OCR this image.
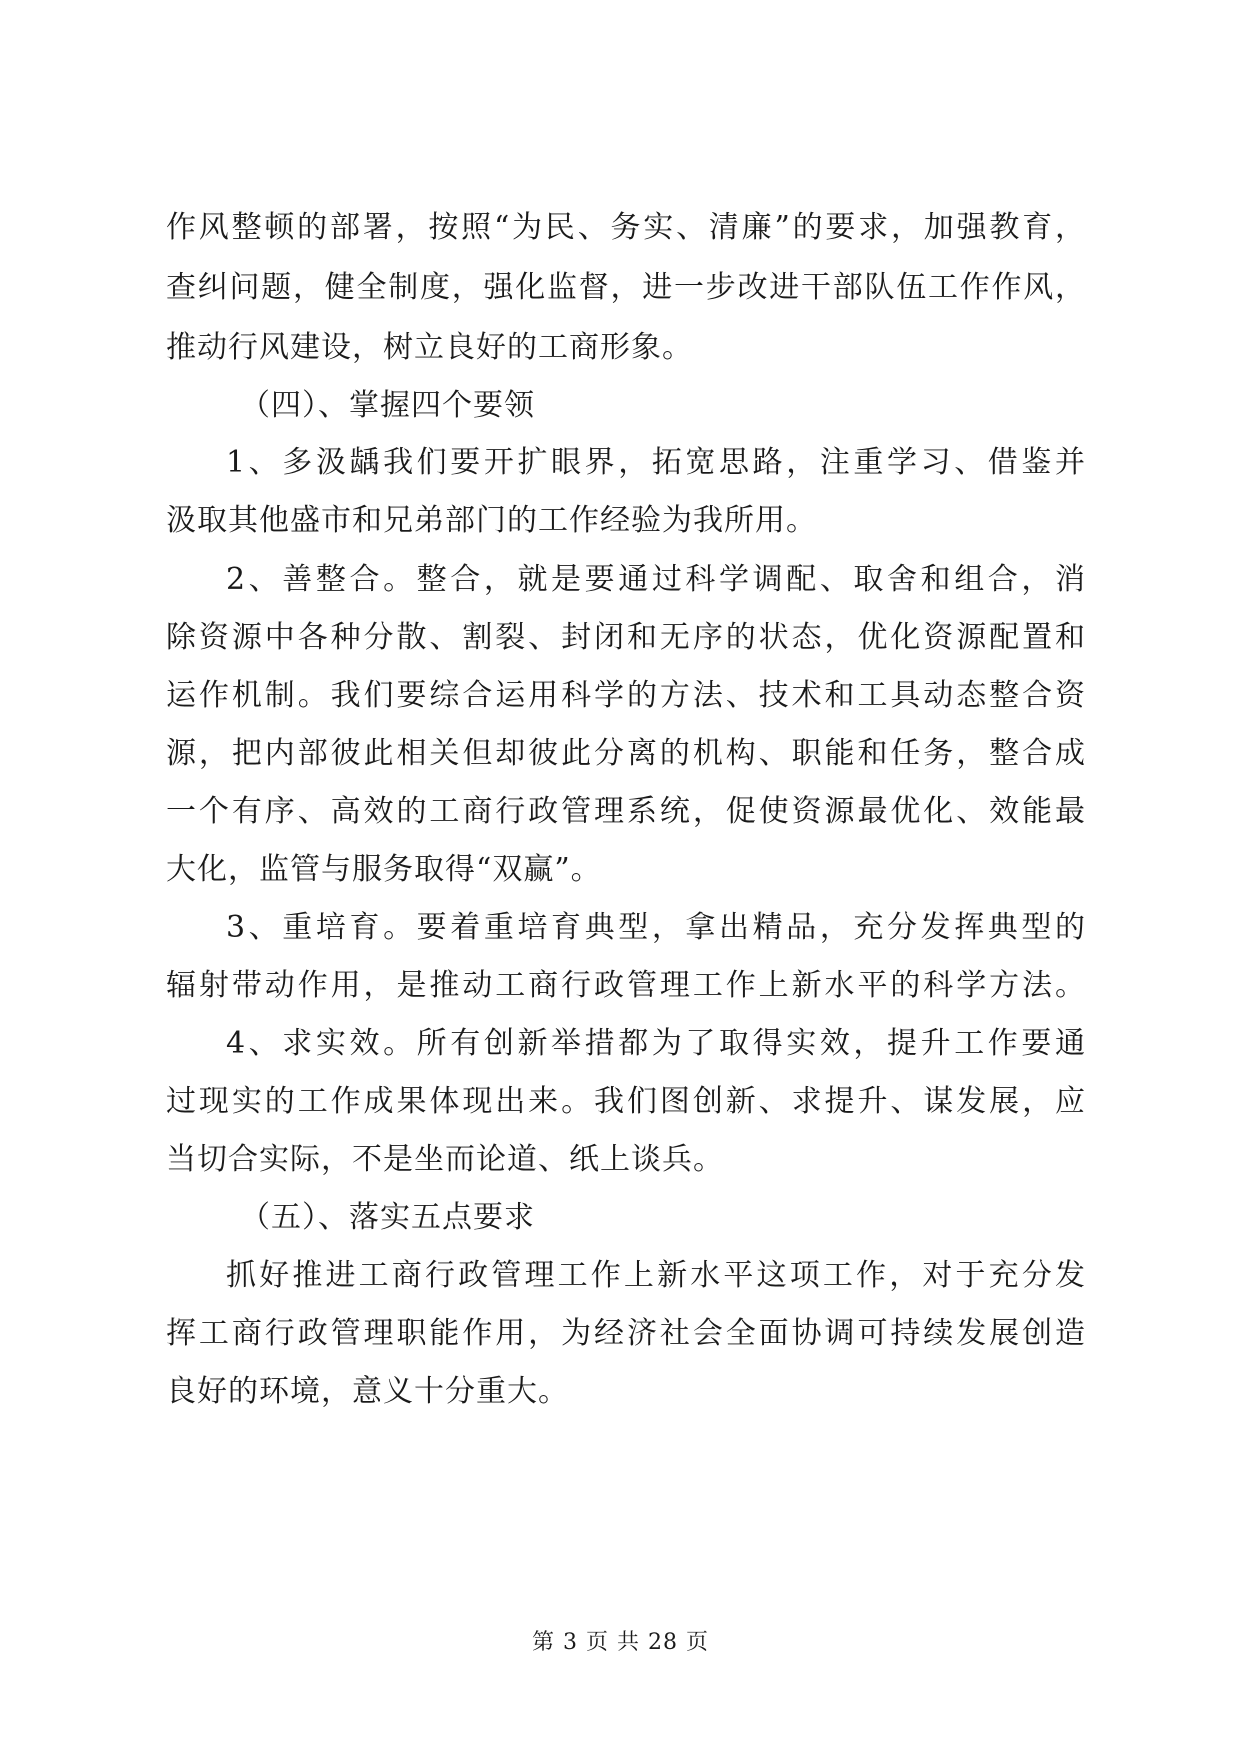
作风整顿的部署，按照“为民、务实、清廉”的要求，加强教育，
查纠问题，健全制度，强化监督，进一步改进干部队伍工作作风，
推动行风建设，树立良好的工商形象。
（四）、掌握四个要领
1、多汲龋我们要开扩眼界，拓宽思路，注重学习、借鉴并
汲取其他盛市和兄弟部门的工作经验为我所用。
2、善整合。整合，就是要通过科学调配、取舍和组合，消
除资源中各种分散、割裂、封闭和无序的状态，优化资源配置和
运作机制。我们要综合运用科学的方法、技术和工具动态整合资
源，把内部彼此相关但却彼此分离的机构、职能和任务，整合成
一个有序、高效的工商行政管理系统，促使资源最优化、效能最
大化，监管与服务取得“双赢”。
3、重培育。要着重培育典型，拿出精品，充分发挥典型的
辐射带动作用，是推动工商行政管理工作上新水平的科学方法。
4、求实效。所有创新举措都为了取得实效，提升工作要通
过现实的工作成果体现出来。我们图创新、求提升、谋发展，应
当切合实际，不是坐而论道、纸上谈兵。
（五）、落实五点要求
抓好推进工商行政管理工作上新水平这项工作，对于充分发
挥工商行政管理职能作用，为经济社会全面协调可持续发展创造
良好的环境，意义十分重大。
第 3 页 共 28 页
